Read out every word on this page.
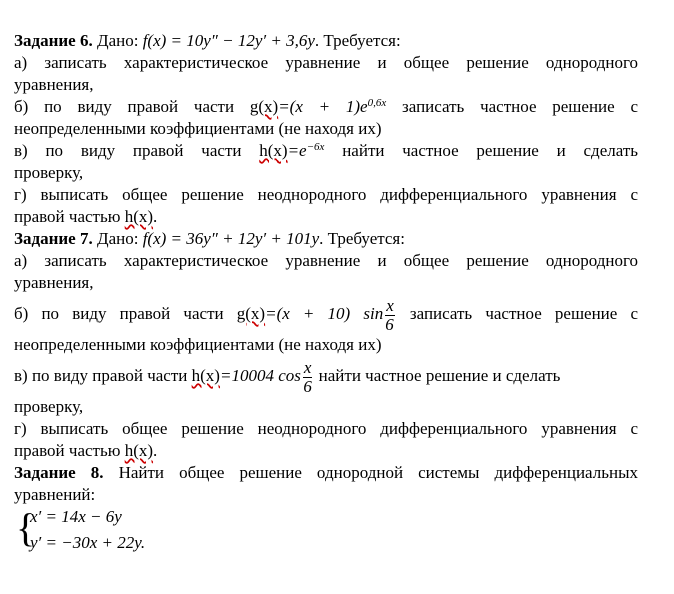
Задание 6. Дано: f(x) = 10y″ − 12y′ + 3,6y. Требуется:
а) записать характеристическое уравнение и общее решение однородного
уравнения,
б) по виду правой части $g(x)=(x + 1)e^{0,6x}$ записать частное решение с
неопределенными коэффициентами (не находя их)
в) по виду правой части $h(x)=e^{-6x}$ найти частное решение и сделать
проверку,
г) выписать общее решение неоднородного дифференциального уравнения с
правой частью h(x).
Задание 7. Дано: f(x) = 36y″ + 12y′ + 101y. Требуется:
а) записать характеристическое уравнение и общее решение однородного
уравнения,
б) по виду правой части g(x)=(x + 10) $\sin \frac{x}{6}$ записать частное решение с
неопределенными коэффициентами (не находя их)
в) по виду правой части h(x)=10004 $\cos \frac{x}{6}$ найти частное решение и сделать
проверку,
г) выписать общее решение неоднородного дифференциального уравнения с
правой частью h(x).
Задание 8. Найти общее решение однородной системы дифференциальных
уравнений:
{
x′ = 14x − 6y
y′ = −30x + 22y.
